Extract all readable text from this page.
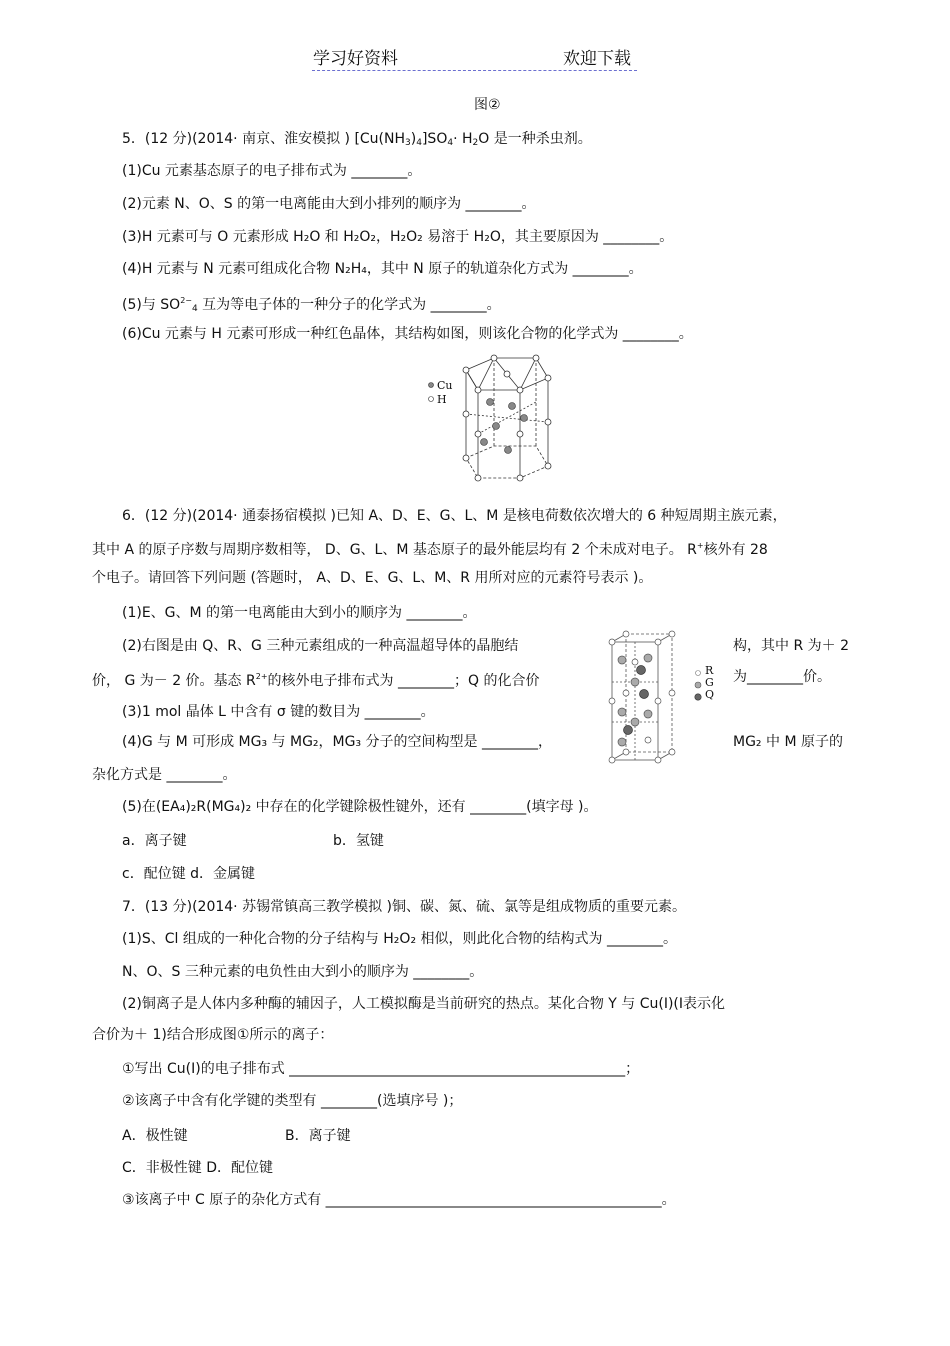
学习好资料	欢迎下载
图②
5．(12 分)(2014· 南京、淮安模拟 ) $[Cu(NH_3)_4]SO_4\cdot H_2O$ 是一种杀虫剂。
(1)Cu 元素基态原子的电子排布式为 ________。
(2)元素 N、O、S 的第一电离能由大到小排列的顺序为 ________。
(3)H 元素可与 O 元素形成 H₂O 和 H₂O₂，H₂O₂ 易溶于 H₂O，其主要原因为 ________。
(4)H 元素与 N 元素可组成化合物 N₂H₄，其中 N 原子的轨道杂化方式为 ________。
(5)与 $SO^{2-}_4$ 互为等电子体的一种分子的化学式为 ________。
(6)Cu 元素与 H 元素可形成一种红色晶体，其结构如图，则该化合物的化学式为 ________。
Cu
H
6．(12 分)(2014· 通泰扬宿模拟 )已知 A、D、E、G、L、M 是核电荷数依次增大的 6 种短周期主族元素，
其中 A 的原子序数与周期序数相等， D、G、L、M 基态原子的最外能层均有 2 个未成对电子。 R+核外有 28
个电子。请回答下列问题 (答题时， A、D、E、G、L、M、R 用所对应的元素符号表示 )。
(1)E、G、M 的第一电离能由大到小的顺序为 ________。
(2)右图是由 Q、R、G 三种元素组成的一种高温超导体的晶胞结	构，其中 R 为＋ 2
价， G 为－ 2 价。基态 $R^{2+}$的核外电子排布式为 ________；Q 的化合价	为________价。
(3)1 mol 晶体 L 中含有 σ 键的数目为 ________。
(4)G 与 M 可形成 MG₃ 与 MG₂，MG₃ 分子的空间构型是 ________，	MG₂ 中 M 原子的
杂化方式是 ________。
R
G
Q
(5)在(EA₄)₂R(MG₄)₂ 中存在的化学键除极性键外，还有 ________(填字母 )。
a．离子键	b．氢键
c．配位键 d．金属键
7．(13 分)(2014· 苏锡常镇高三教学模拟 )铜、碳、氮、硫、氯等是组成物质的重要元素。
(1)S、Cl 组成的一种化合物的分子结构与 H₂O₂ 相似，则此化合物的结构式为 ________。
N、O、S 三种元素的电负性由大到小的顺序为 ________。
(2)铜离子是人体内多种酶的辅因子，人工模拟酶是当前研究的热点。某化合物 Y 与 Cu(Ⅰ)(Ⅰ表示化
合价为＋ 1)结合形成图①所示的离子：
①写出 Cu(Ⅰ)的电子排布式 ________________________________________________；
②该离子中含有化学键的类型有 ________(选填序号 )；
A．极性键	B．离子键
C．非极性键 D．配位键
③该离子中 C 原子的杂化方式有 ________________________________________________。
